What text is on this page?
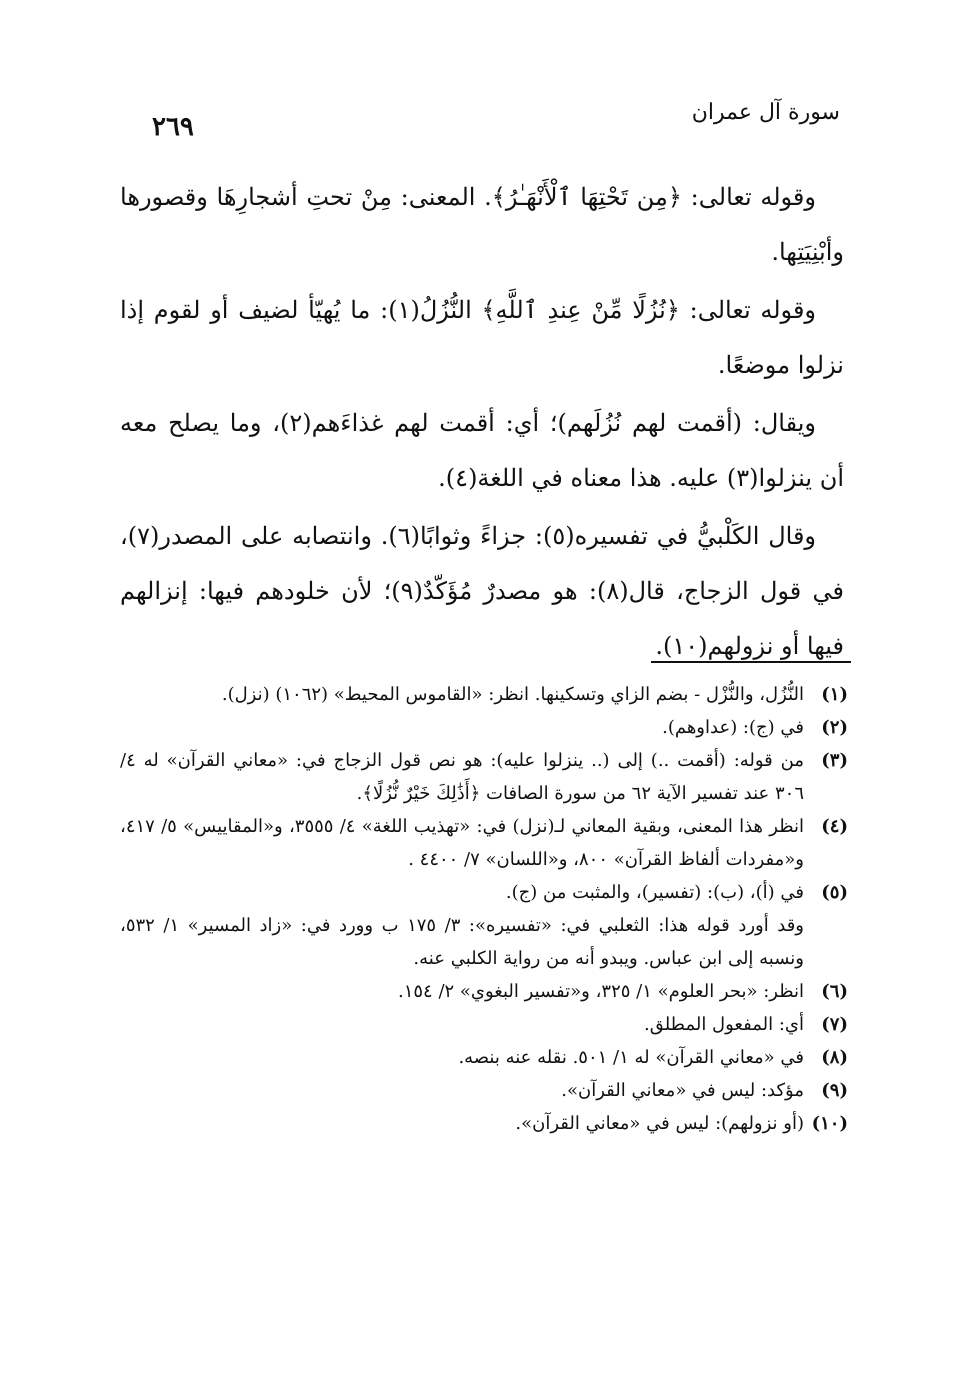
سورة آل عمران
٢٦٩

وقوله تعالى: ﴿مِن تَحْتِهَا ٱلْأَنْهَـٰرُ﴾. المعنى: مِنْ تحتِ أشجارِهَا وقصورها وأبْنِيَتِها.

وقوله تعالى: ﴿نُزُلًا مِّنْ عِندِ ٱللَّهِ﴾ النُّزُلُ(١): ما يُهيّأ لضيف أو لقوم إذا نزلوا موضعًا.

ويقال: (أقمت لهم نُزُلَهم)؛ أي: أقمت لهم غذاءَهم(٢)، وما يصلح معه أن ينزلوا(٣) عليه. هذا معناه في اللغة(٤).

وقال الكَلْبيُّ في تفسيره(٥): جزاءً وثوابًا(٦). وانتصابه على المصدر(٧)، في قول الزجاج، قال(٨): هو مصدرٌ مُؤَكّدٌ(٩)؛ لأن خلودهم فيها: إنزالهم فيها أو نزولهم(١٠).

(١)
النُّزُل، والنُّزْل - بضم الزاي وتسكينها. انظر: «القاموس المحيط» (١٠٦٢) (نزل).
(٢)
في (ج): (عداوهم).
(٣)
من قوله: (أقمت ..) إلى (.. ينزلوا عليه): هو نص قول الزجاج في: «معاني القرآن» له ٤/ ٣٠٦ عند تفسير الآية ٦٢ من سورة الصافات ﴿أَذَٰلِكَ خَيْرٌ نُّزُلًا﴾.
(٤)
انظر هذا المعنى، وبقية المعاني لـ(نزل) في: «تهذيب اللغة» ٤/ ٣٥٥٥، و«المقاييس» ٥/ ٤١٧، و«مفردات ألفاظ القرآن» ٨٠٠، و«اللسان» ٧/ ٤٤٠٠ .
(٥)
في (أ)، (ب): (تفسير)، والمثبت من (ج).

وقد أورد قوله هذا: الثعلبي في: «تفسيره»: ٣/ ١٧٥ ب وورد في: «زاد المسير» ١/ ٥٣٢، ونسبه إلى ابن عباس. ويبدو أنه من رواية الكلبي عنه.

(٦)
انظر: «بحر العلوم» ١/ ٣٢٥، و«تفسير البغوي» ٢/ ١٥٤.
(٧)
أي: المفعول المطلق.
(٨)
في «معاني القرآن» له ١/ ٥٠١. نقله عنه بنصه.
(٩)
مؤكد: ليس في «معاني القرآن».
(١٠)
(أو نزولهم): ليس في «معاني القرآن».
